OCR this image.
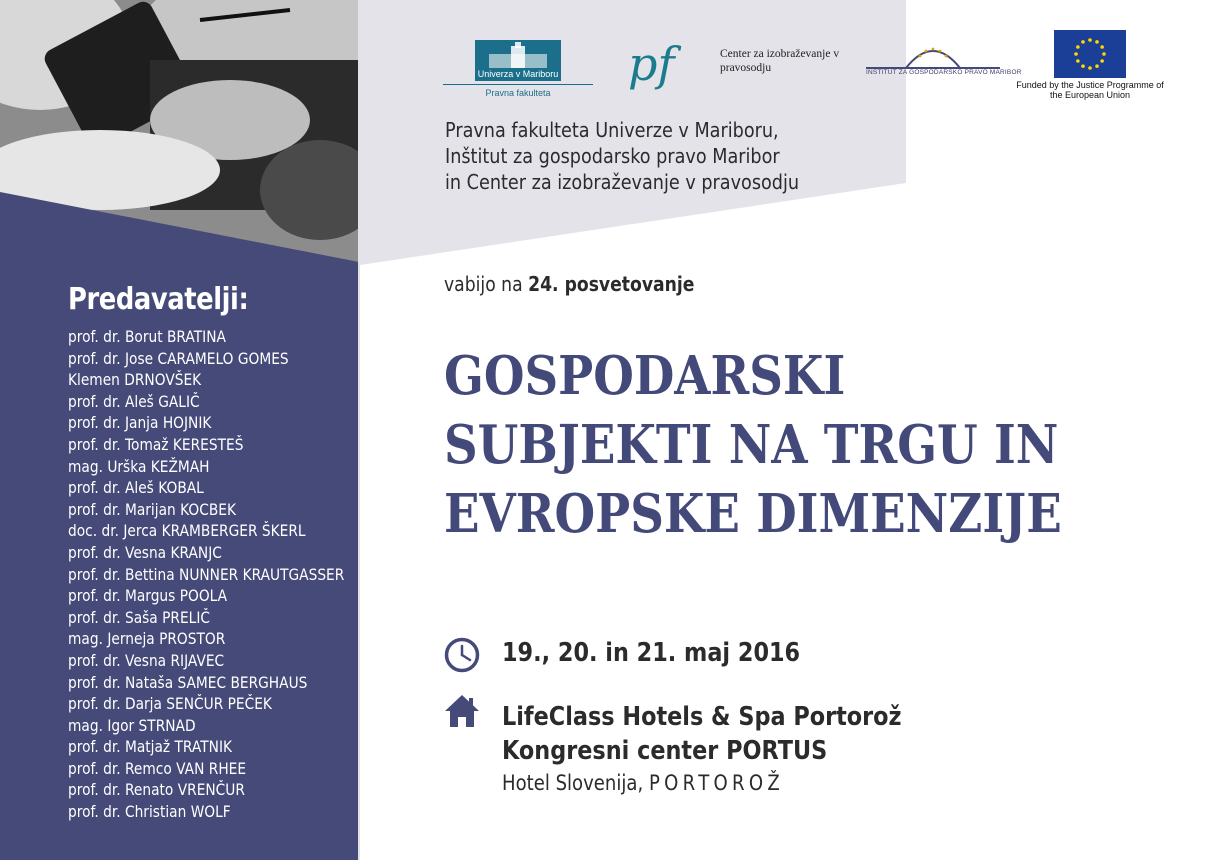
Predavatelji:
prof. dr. Borut BRATINA
prof. dr. Jose CARAMELO GOMES
Klemen DRNOVŠEK
prof. dr. Aleš GALIČ
prof. dr. Janja HOJNIK
prof. dr. Tomaž KERESTEŠ
mag. Urška KEŽMAH
prof. dr. Aleš KOBAL
prof. dr. Marijan KOCBEK
doc. dr. Jerca KRAMBERGER ŠKERL
prof. dr. Vesna KRANJC
prof. dr. Bettina NUNNER KRAUTGASSER
prof. dr. Margus POOLA
prof. dr. Saša PRELIČ
mag. Jerneja PROSTOR
prof. dr. Vesna RIJAVEC
prof. dr. Nataša SAMEC BERGHAUS
prof. dr. Darja SENČUR PEČEK
mag. Igor STRNAD
prof. dr. Matjaž TRATNIK
prof. dr. Remco VAN RHEE
prof. dr. Renato VRENČUR
prof. dr. Christian WOLF
Univerza v Mariboru
Pravna fakulteta
pf	Center za izobraževanje v pravosodju	INŠTITUT ZA GOSPODARSKO PRAVO MARIBOR
Funded by the Justice Programme of the European Union
Pravna fakulteta Univerze v Mariboru,
Inštitut za gospodarsko pravo Maribor
in Center za izobraževanje v pravosodju
vabijo na 24. posvetovanje
GOSPODARSKI
SUBJEKTI NA TRGU IN
EVROPSKE DIMENZIJE
19., 20. in 21. maj 2016
LifeClass Hotels & Spa Portorož
Kongresni center PORTUS
Hotel Slovenija, PORTOROŽ
